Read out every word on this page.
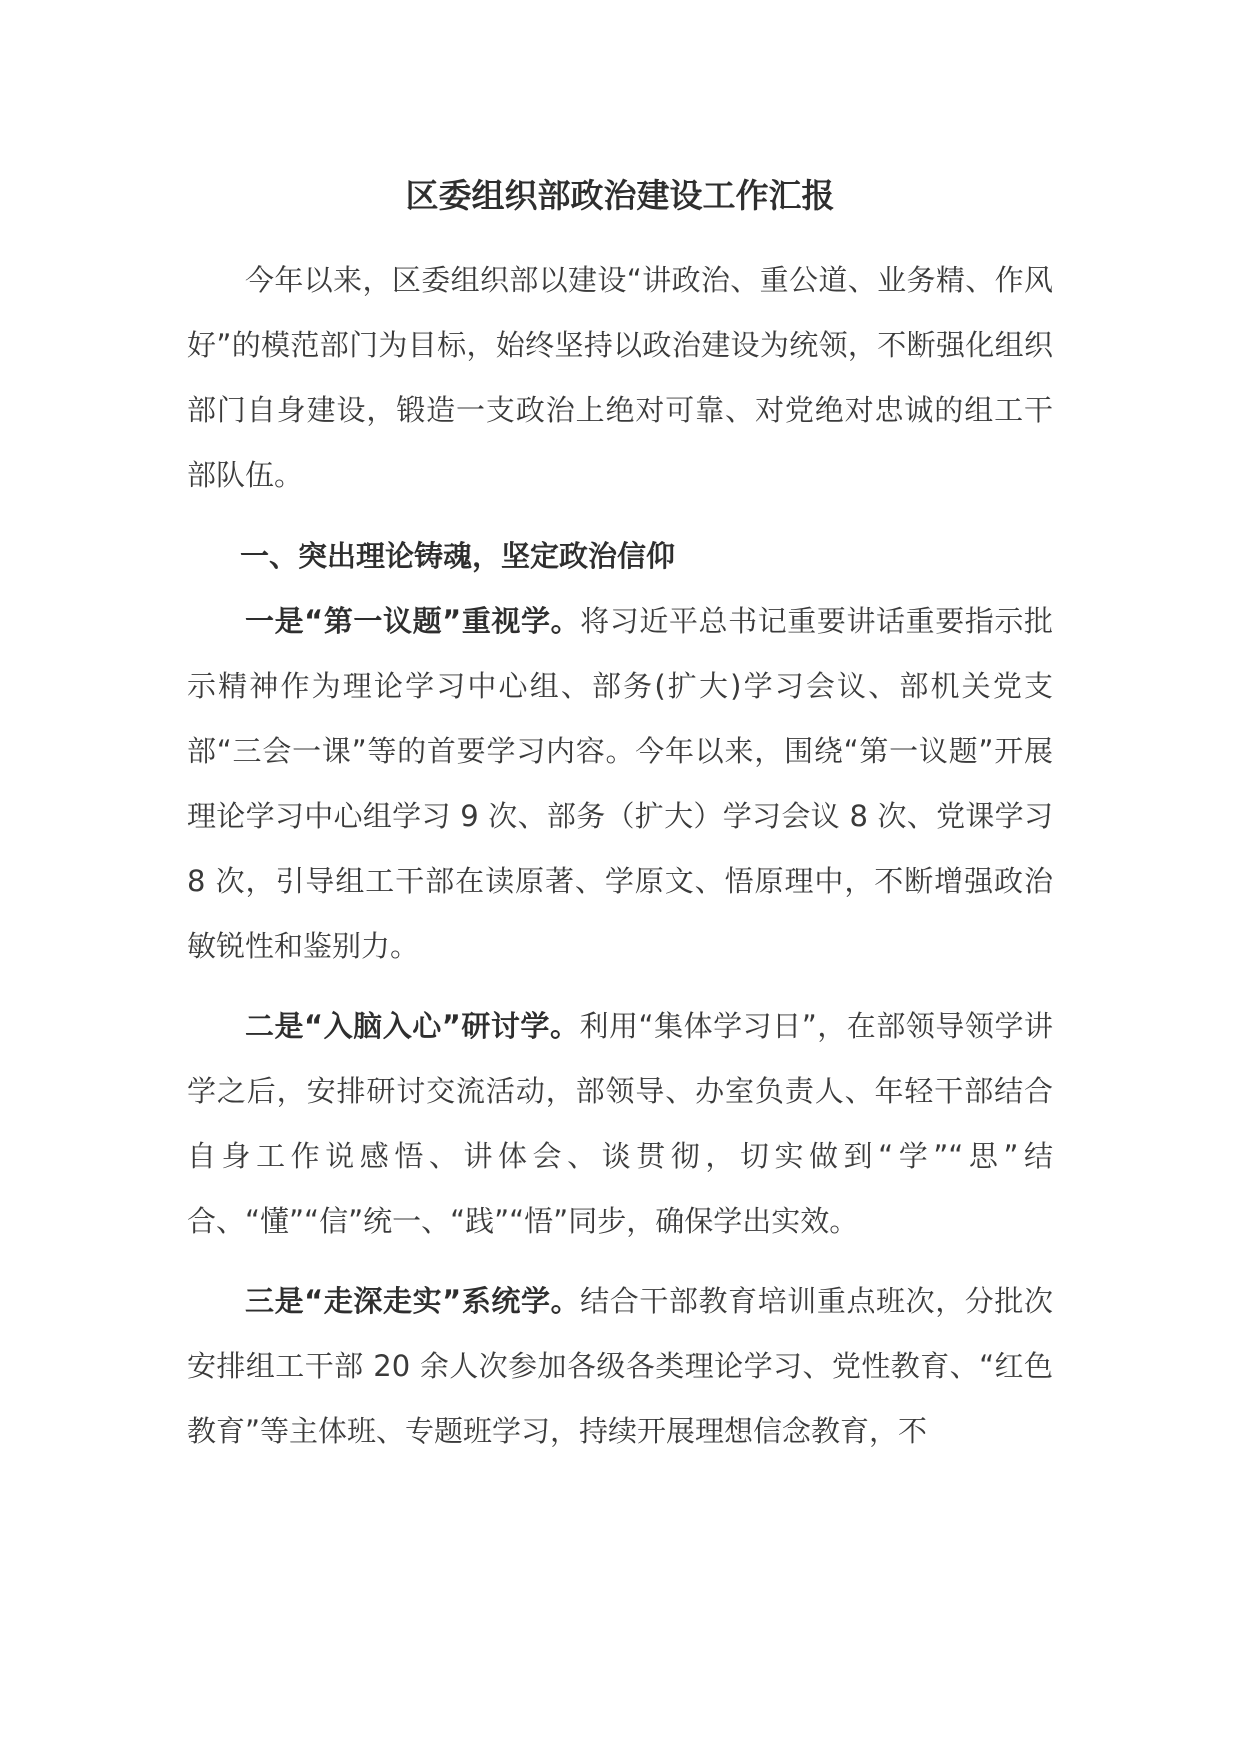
区委组织部政治建设工作汇报

今年以来，区委组织部以建设“讲政治、重公道、业务精、作风好”的模范部门为目标，始终坚持以政治建设为统领，不断强化组织部门自身建设，锻造一支政治上绝对可靠、对党绝对忠诚的组工干部队伍。

一、突出理论铸魂，坚定政治信仰

一是“第一议题”重视学。将习近平总书记重要讲话重要指示批示精神作为理论学习中心组、部务(扩大)学习会议、部机关党支部“三会一课”等的首要学习内容。今年以来，围绕“第一议题”开展理论学习中心组学习 9 次、部务（扩大）学习会议 8 次、党课学习 8 次，引导组工干部在读原著、学原文、悟原理中，不断增强政治敏锐性和鉴别力。

二是“入脑入心”研讨学。利用“集体学习日”，在部领导领学讲学之后，安排研讨交流活动，部领导、办室负责人、年轻干部结合自身工作说感悟、讲体会、谈贯彻，切实做到“学”“思”结合、“懂”“信”统一、“践”“悟”同步，确保学出实效。

三是“走深走实”系统学。结合干部教育培训重点班次，分批次安排组工干部 20 余人次参加各级各类理论学习、党性教育、“红色教育”等主体班、专题班学习，持续开展理想信念教育，不
